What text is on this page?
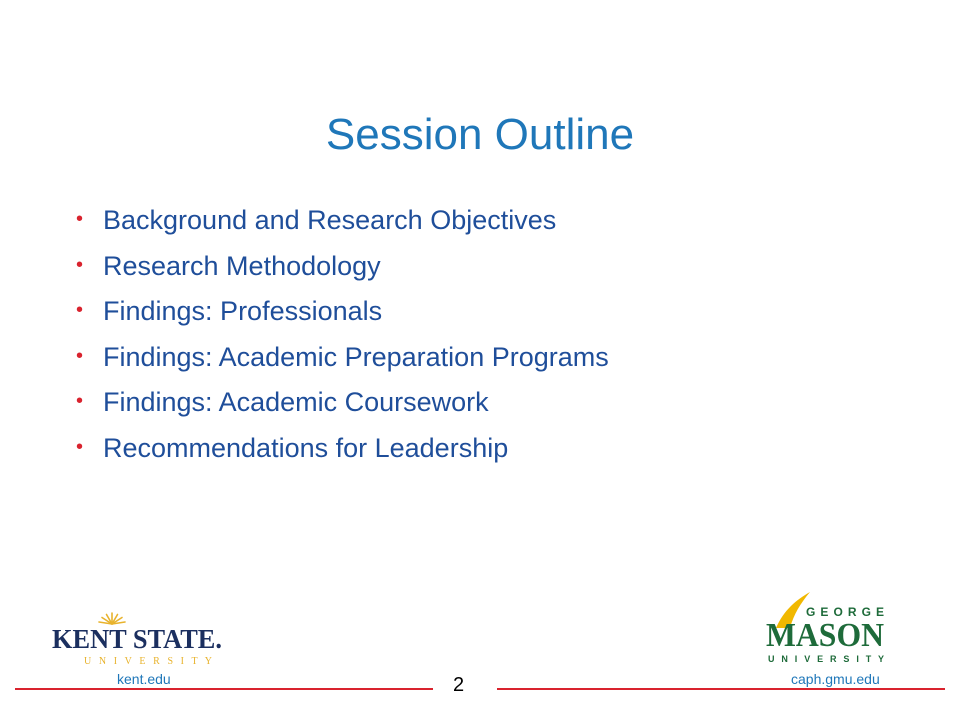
Session Outline
• Background and Research Objectives
• Research Methodology
• Findings: Professionals
• Findings: Academic Preparation Programs
• Findings: Academic Coursework
• Recommendations for Leadership
KENT STATE.
U N I V E R S I T Y
GEORGE
MASON
U N I V E R S I T Y
kent.edu	caph.gmu.edu
2
